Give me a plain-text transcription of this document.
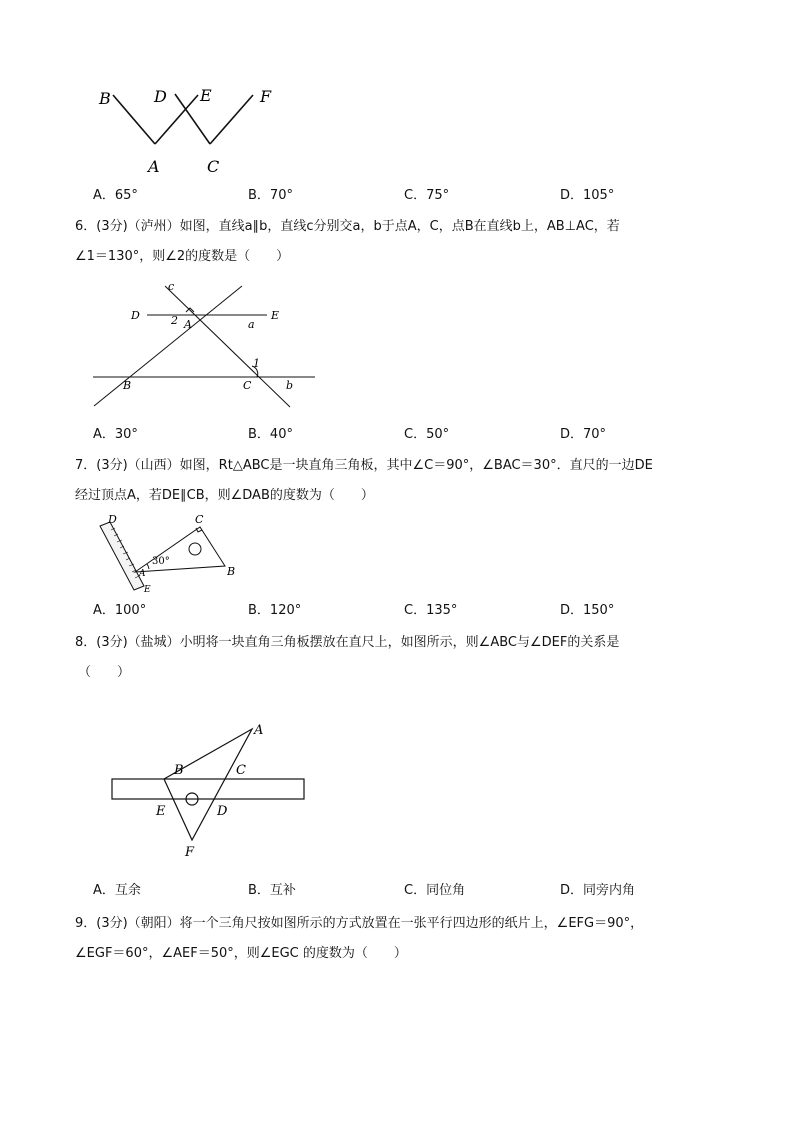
B	D E	F
A	C
A．65°	B．70°	C．75°	D．105°
6．(3分)（泸州）如图，直线a∥b，直线c分别交a，b于点A，C，点B在直线b上，AB⊥AC，若
∠1＝130°，则∠2的度数是（　　）
c
D	2 A	a
E
1
B	C	b
A．30°	B．40°	C．50°	D．70°
7．(3分)（山西）如图，Rt△ABC是一块直角三角板，其中∠C＝90°，∠BAC＝30°．直尺的一边DE
经过顶点A，若DE∥CB，则∠DAB的度数为（　　）
D	C
30°
A
E
B
A．100°	B．120°	C．135°	D．150°
8．(3分)（盐城）小明将一块直角三角板摆放在直尺上，如图所示，则∠ABC与∠DEF的关系是
（　　）
A
B	C
E	D
F
A．互余	B．互补	C．同位角	D．同旁内角
9．(3分)（朝阳）将一个三角尺按如图所示的方式放置在一张平行四边形的纸片上，∠EFG＝90°，
∠EGF＝60°，∠AEF＝50°，则∠EGC 的度数为（　　）
